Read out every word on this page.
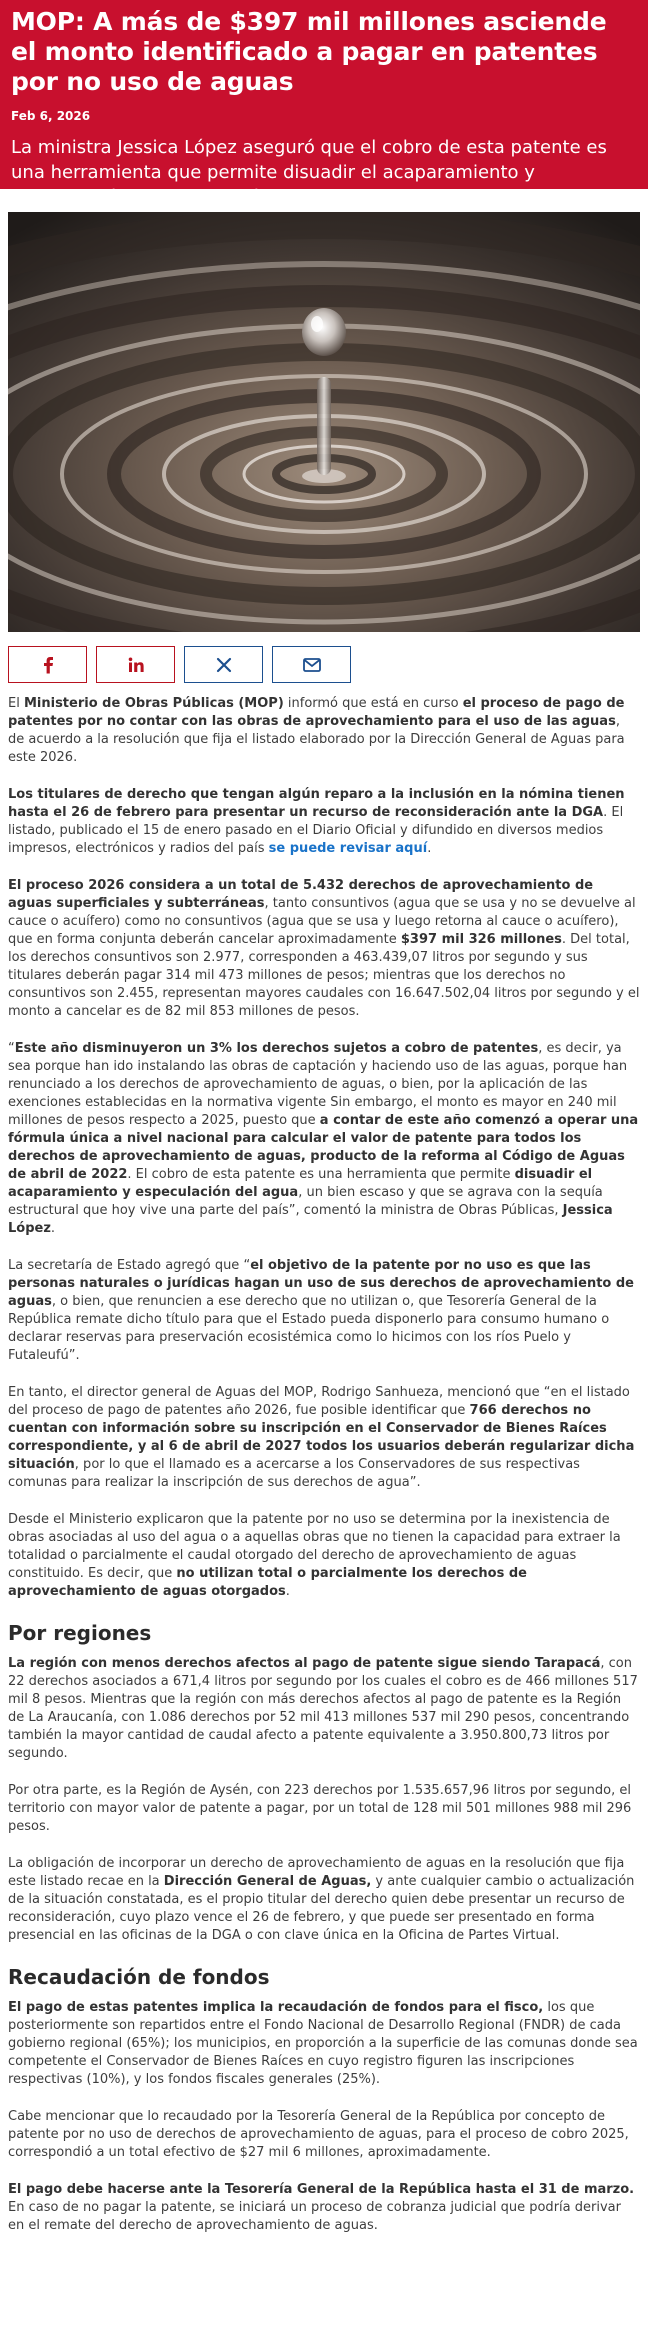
MOP: A más de $397 mil millones asciende el monto identificado a pagar en patentes por no uso de aguas
Feb 6, 2026

La ministra Jessica López aseguró que el cobro de esta patente es una herramienta que permite disuadir el acaparamiento y especulación del recurso hídrico.

El Ministerio de Obras Públicas (MOP) informó que está en curso el proceso de pago de patentes por no contar con las obras de aprovechamiento para el uso de las aguas, de acuerdo a la resolución que fija el listado elaborado por la Dirección General de Aguas para este 2026.

Los titulares de derecho que tengan algún reparo a la inclusión en la nómina tienen hasta el 26 de febrero para presentar un recurso de reconsideración ante la DGA. El listado, publicado el 15 de enero pasado en el Diario Oficial y difundido en diversos medios impresos, electrónicos y radios del país se puede revisar aquí.

El proceso 2026 considera a un total de 5.432 derechos de aprovechamiento de aguas superficiales y subterráneas, tanto consuntivos (agua que se usa y no se devuelve al cauce o acuífero) como no consuntivos (agua que se usa y luego retorna al cauce o acuífero), que en forma conjunta deberán cancelar aproximadamente $397 mil 326 millones. Del total, los derechos consuntivos son 2.977, corresponden a 463.439,07 litros por segundo y sus titulares deberán pagar 314 mil 473 millones de pesos; mientras que los derechos no consuntivos son 2.455, representan mayores caudales con 16.647.502,04 litros por segundo y el monto a cancelar es de 82 mil 853 millones de pesos.

“Este año disminuyeron un 3% los derechos sujetos a cobro de patentes, es decir, ya sea porque han ido instalando las obras de captación y haciendo uso de las aguas, porque han renunciado a los derechos de aprovechamiento de aguas, o bien, por la aplicación de las exenciones establecidas en la normativa vigente Sin embargo, el monto es mayor en 240 mil millones de pesos respecto a 2025, puesto que a contar de este año comenzó a operar una fórmula única a nivel nacional para calcular el valor de patente para todos los derechos de aprovechamiento de aguas, producto de la reforma al Código de Aguas de abril de 2022. El cobro de esta patente es una herramienta que permite disuadir el acaparamiento y especulación del agua, un bien escaso y que se agrava con la sequía estructural que hoy vive una parte del país”, comentó la ministra de Obras Públicas, Jessica López.

La secretaría de Estado agregó que “el objetivo de la patente por no uso es que las personas naturales o jurídicas hagan un uso de sus derechos de aprovechamiento de aguas, o bien, que renuncien a ese derecho que no utilizan o, que Tesorería General de la República remate dicho título para que el Estado pueda disponerlo para consumo humano o declarar reservas para preservación ecosistémica como lo hicimos con los ríos Puelo y Futaleufú”.

En tanto, el director general de Aguas del MOP, Rodrigo Sanhueza, mencionó que “en el listado del proceso de pago de patentes año 2026, fue posible identificar que 766 derechos no cuentan con información sobre su inscripción en el Conservador de Bienes Raíces correspondiente, y al 6 de abril de 2027 todos los usuarios deberán regularizar dicha situación, por lo que el llamado es a acercarse a los Conservadores de sus respectivas comunas para realizar la inscripción de sus derechos de agua”.

Desde el Ministerio explicaron que la patente por no uso se determina por la inexistencia de obras asociadas al uso del agua o a aquellas obras que no tienen la capacidad para extraer la totalidad o parcialmente el caudal otorgado del derecho de aprovechamiento de aguas constituido. Es decir, que no utilizan total o parcialmente los derechos de aprovechamiento de aguas otorgados.

Por regiones

La región con menos derechos afectos al pago de patente sigue siendo Tarapacá, con 22 derechos asociados a 671,4 litros por segundo por los cuales el cobro es de 466 millones 517 mil 8 pesos. Mientras que la región con más derechos afectos al pago de patente es la Región de La Araucanía, con 1.086 derechos por 52 mil 413 millones 537 mil 290 pesos, concentrando también la mayor cantidad de caudal afecto a patente equivalente a 3.950.800,73 litros por segundo.

Por otra parte, es la Región de Aysén, con 223 derechos por 1.535.657,96 litros por segundo, el territorio con mayor valor de patente a pagar, por un total de 128 mil 501 millones 988 mil 296 pesos.

La obligación de incorporar un derecho de aprovechamiento de aguas en la resolución que fija este listado recae en la Dirección General de Aguas, y ante cualquier cambio o actualización de la situación constatada, es el propio titular del derecho quien debe presentar un recurso de reconsideración, cuyo plazo vence el 26 de febrero, y que puede ser presentado en forma presencial en las oficinas de la DGA o con clave única en la Oficina de Partes Virtual.

Recaudación de fondos

El pago de estas patentes implica la recaudación de fondos para el fisco, los que posteriormente son repartidos entre el Fondo Nacional de Desarrollo Regional (FNDR) de cada gobierno regional (65%); los municipios, en proporción a la superficie de las comunas donde sea competente el Conservador de Bienes Raíces en cuyo registro figuren las inscripciones respectivas (10%), y los fondos fiscales generales (25%).

Cabe mencionar que lo recaudado por la Tesorería General de la República por concepto de patente por no uso de derechos de aprovechamiento de aguas, para el proceso de cobro 2025, correspondió a un total efectivo de $27 mil 6 millones, aproximadamente.

El pago debe hacerse ante la Tesorería General de la República hasta el 31 de marzo. En caso de no pagar la patente, se iniciará un proceso de cobranza judicial que podría derivar en el remate del derecho de aprovechamiento de aguas.
